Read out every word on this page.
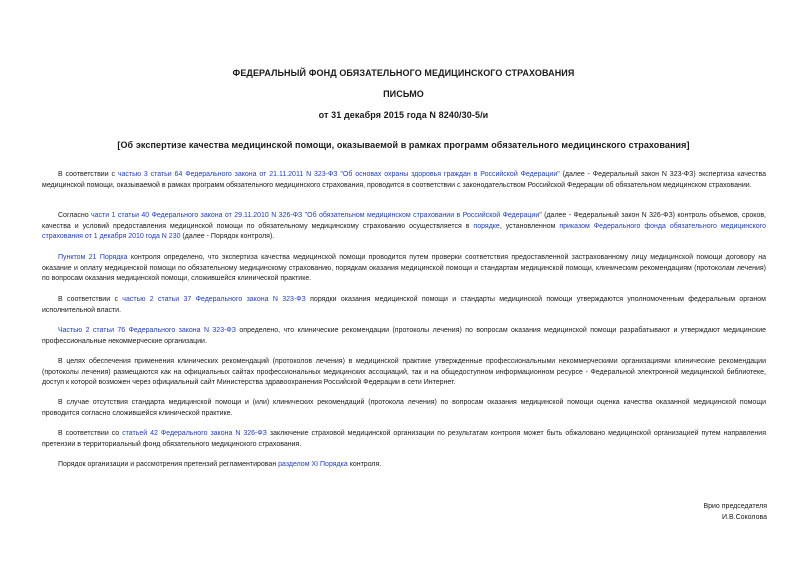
ФЕДЕРАЛЬНЫЙ ФОНД ОБЯЗАТЕЛЬНОГО МЕДИЦИНСКОГО СТРАХОВАНИЯ
ПИСЬМО
от 31 декабря 2015 года N 8240/30-5/и
[Об экспертизе качества медицинской помощи, оказываемой в рамках программ обязательного медицинского страхования]
В соответствии с частью 3 статьи 64 Федерального закона от 21.11.2011 N 323-ФЗ "Об основах охраны здоровья граждан в Российской Федерации" (далее - Федеральный закон N 323-ФЗ) экспертиза качества медицинской помощи, оказываемой в рамках программ обязательного медицинского страхования, проводится в соответствии с законодательством Российской Федерации об обязательном медицинском страховании.
Согласно части 1 статьи 40 Федерального закона от 29.11.2010 N 326-ФЗ "Об обязательном медицинском страховании в Российской Федерации" (далее - Федеральный закон N 326-ФЗ) контроль объемов, сроков, качества и условий предоставления медицинской помощи по обязательному медицинскому страхованию осуществляется в порядке, установленном приказом Федерального фонда обязательного медицинского страхования от 1 декабря 2010 года N 230 (далее - Порядок контроля).
Пунктом 21 Порядка контроля определено, что экспертиза качества медицинской помощи проводится путем проверки соответствия предоставленной застрахованному лицу медицинской помощи договору на оказание и оплату медицинской помощи по обязательному медицинскому страхованию, порядкам оказания медицинской помощи и стандартам медицинской помощи, клиническим рекомендациям (протоколам лечения) по вопросам оказания медицинской помощи, сложившейся клинической практике.
В соответствии с частью 2 статьи 37 Федерального закона N 323-ФЗ порядки оказания медицинской помощи и стандарты медицинской помощи утверждаются уполномоченным федеральным органом исполнительной власти.
Частью 2 статьи 76 Федерального закона N 323-ФЗ определено, что клинические рекомендации (протоколы лечения) по вопросам оказания медицинской помощи разрабатывают и утверждают медицинские профессиональные некоммерческие организации.
В целях обеспечения применения клинических рекомендаций (протоколов лечения) в медицинской практике утвержденные профессиональными некоммерческими организациями клинические рекомендации (протоколы лечения) размещаются как на официальных сайтах профессиональных медицинских ассоциаций, так и на общедоступном информационном ресурсе - Федеральной электронной медицинской библиотеке, доступ к которой возможен через официальный сайт Министерства здравоохранения Российской Федерации в сети Интернет.
В случае отсутствия стандарта медицинской помощи и (или) клинических рекомендаций (протокола лечения) по вопросам оказания медицинской помощи оценка качества оказанной медицинской помощи проводится согласно сложившейся клинической практике.
В соответствии со статьей 42 Федерального закона N 326-ФЗ заключение страховой медицинской организации по результатам контроля может быть обжаловано медицинской организацией путем направления претензии в территориальный фонд обязательного медицинского страхования.
Порядок организации и рассмотрения претензий регламентирован разделом XI Порядка контроля.
Врио председателя
И.В.Соколова
